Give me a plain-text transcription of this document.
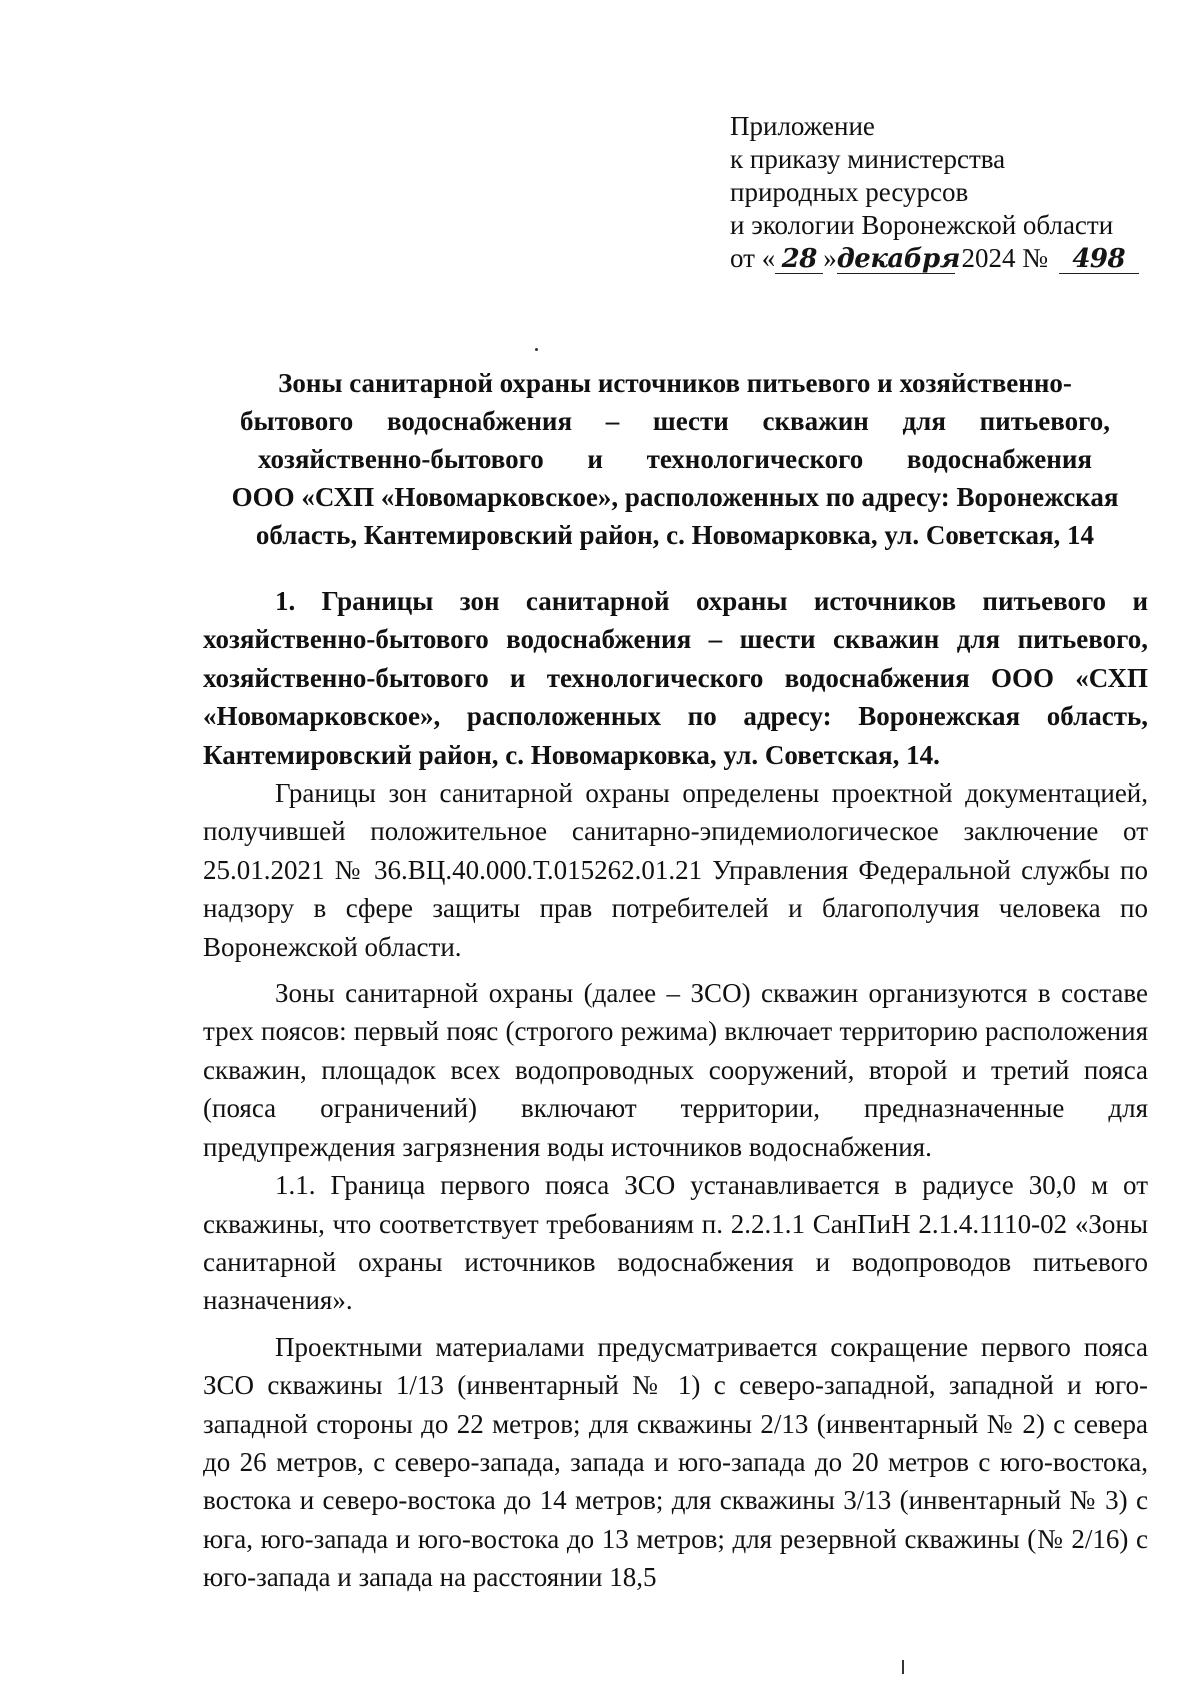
Приложение
к приказу министерства
природных ресурсов
и экологии Воронежской области
от « 28 »декабря 2024 № 498
Зоны санитарной охраны источников питьевого и хозяйственно-
бытового водоснабжения – шести скважин для питьевого,
хозяйственно-бытового и технологического водоснабжения
ООО «СХП «Новомарковское», расположенных по адресу: Воронежская
область, Кантемировский район, с. Новомарковка, ул. Советская, 14

1. Границы зон санитарной охраны источников питьевого и хозяйственно-бытового водоснабжения – шести скважин для питьевого, хозяйственно-бытового и технологического водоснабжения ООО «СХП «Новомарковское», расположенных по адресу: Воронежская область, Кантемировский район, с. Новомарковка, ул. Советская, 14.

Границы зон санитарной охраны определены проектной документацией, получившей положительное санитарно-эпидемиологическое заключение от 25.01.2021 № 36.ВЦ.40.000.Т.015262.01.21 Управления Федеральной службы по надзору в сфере защиты прав потребителей и благополучия человека по Воронежской области.

Зоны санитарной охраны (далее – ЗСО) скважин организуются в составе трех поясов: первый пояс (строгого режима) включает территорию расположения скважин, площадок всех водопроводных сооружений, второй и третий пояса (пояса ограничений) включают территории, предназначенные для предупреждения загрязнения воды источников водоснабжения.

1.1. Граница первого пояса ЗСО устанавливается в радиусе 30,0 м от скважины, что соответствует требованиям п. 2.2.1.1 СанПиН 2.1.4.1110-02 «Зоны санитарной охраны источников водоснабжения и водопроводов питьевого назначения».

Проектными материалами предусматривается сокращение первого пояса ЗСО скважины 1/13 (инвентарный № 1) с северо-западной, западной и юго-западной стороны до 22 метров; для скважины 2/13 (инвентарный № 2) с севера до 26 метров, с северо-запада, запада и юго-запада до 20 метров с юго-востока, востока и северо-востока до 14 метров; для скважины 3/13 (инвентарный № 3) с юга, юго-запада и юго-востока до 13 метров; для резервной скважины (№ 2/16) с юго-запада и запада на расстоянии 18,5
